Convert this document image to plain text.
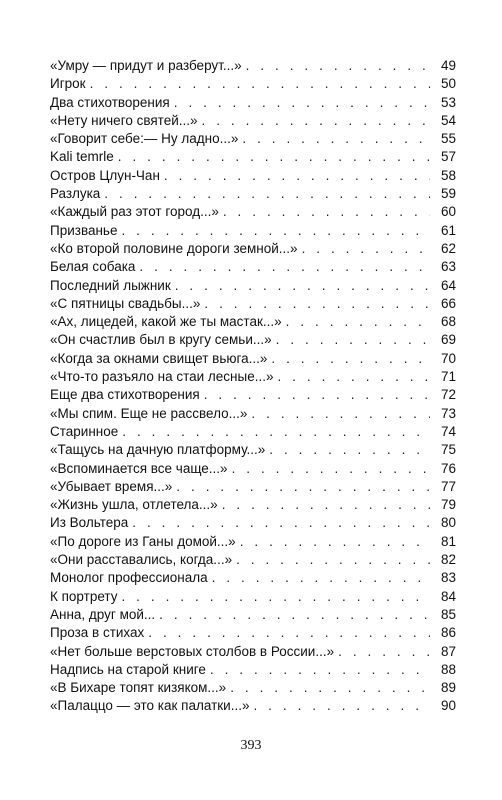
«Умру — придут и разберут...» . . .	49
Игрок . . .	50
Два стихотворения . . .	53
«Нету ничего святей...» . . .	54
«Говорит себе:— Ну ладно...» . . .	55
Kali temrle . . .	57
Остров Цлун-Чан . . .	58
Разлука . . .	59
«Каждый раз этот город...» . . .	60
Призванье . . .	61
«Ко второй половине дороги земной...» . . .	62
Белая собака . . .	63
Последний лыжник . . .	64
«С пятницы свадьбы...» . . .	66
«Ах, лицедей, какой же ты мастак...» . . .	68
«Он счастлив был в кругу семьи...» . . .	69
«Когда за окнами свищет вьюга...» . . .	70
«Что-то разъяло на стаи лесные...» . . .	71
Еще два стихотворения . . .	72
«Мы спим. Еще не рассвело...» . . .	73
Старинное . . .	74
«Тащусь на дачную платформу...» . . .	75
«Вспоминается все чаще...» . . .	76
«Убывает время...» . . .	77
«Жизнь ушла, отлетела...» . . .	79
Из Вольтера . . .	80
«По дороге из Ганы домой...» . . .	81
«Они расставались, когда...» . . .	82
Монолог профессионала . . .	83
К портрету . . .	84
Анна, друг мой... . . .	85
Проза в стихах . . .	86
«Нет больше верстовых столбов в России...» . . .	87
Надпись на старой книге . . .	88
«В Бихаре топят кизяком...» . . .	89
«Палаццо — это как палатки...» . . .	90
393
